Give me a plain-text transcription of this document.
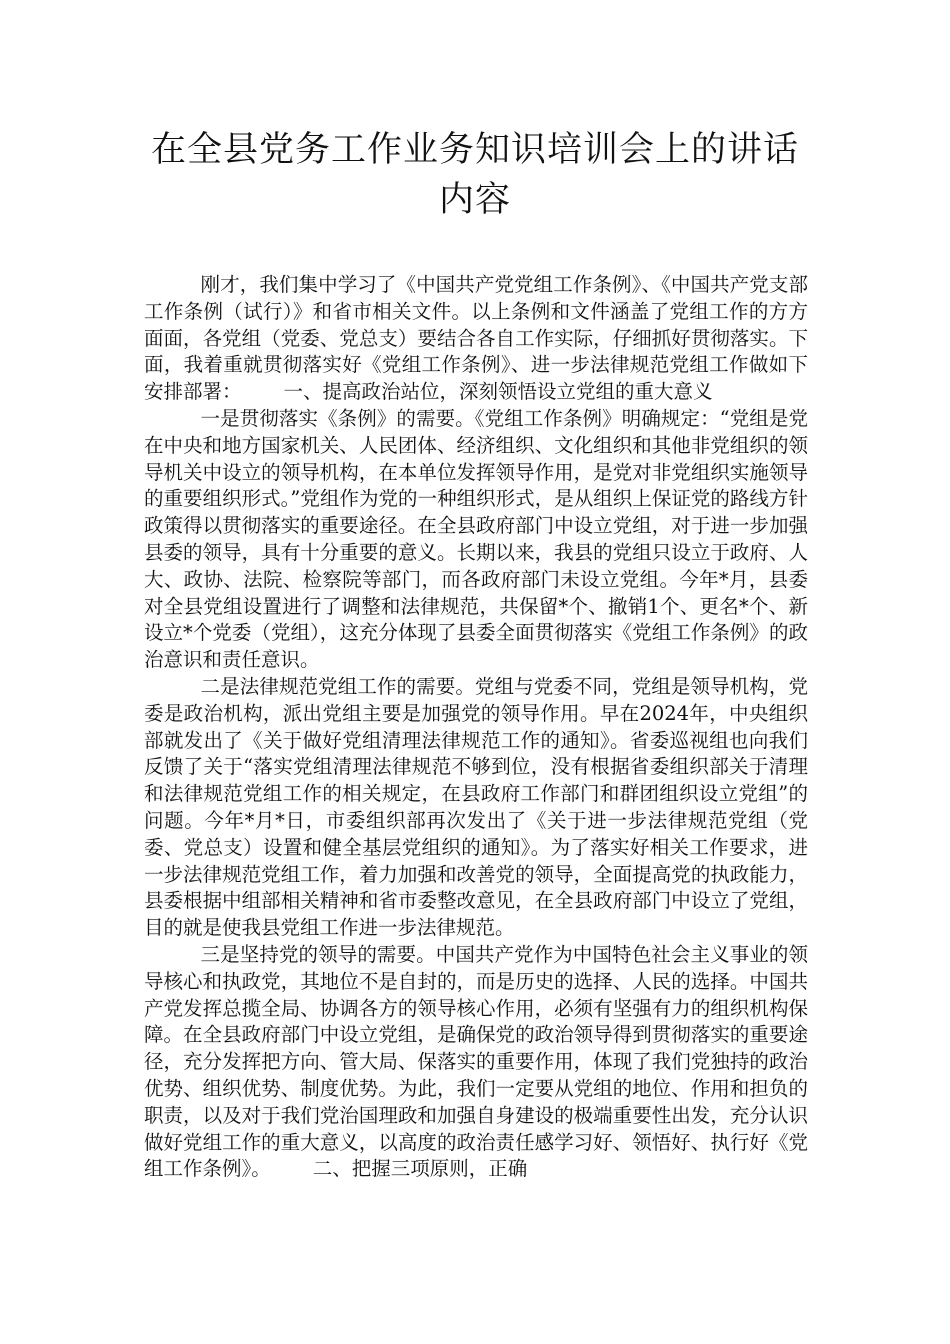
在全县党务工作业务知识培训会上的讲话
内容

刚才，我们集中学习了《中国共产党党组工作条例》、《中国共产党支部工作条例（试行）》和省市相关文件。以上条例和文件涵盖了党组工作的方方面面，各党组（党委、党总支）要结合各自工作实际，仔细抓好贯彻落实。下面，我着重就贯彻落实好《党组工作条例》、进一步法律规范党组工作做如下安排部署： 一、提高政治站位，深刻领悟设立党组的重大意义

一是贯彻落实《条例》的需要。《党组工作条例》明确规定：“党组是党在中央和地方国家机关、人民团体、经济组织、文化组织和其他非党组织的领导机关中设立的领导机构，在本单位发挥领导作用，是党对非党组织实施领导的重要组织形式。”党组作为党的一种组织形式，是从组织上保证党的路线方针政策得以贯彻落实的重要途径。在全县政府部门中设立党组，对于进一步加强县委的领导，具有十分重要的意义。长期以来，我县的党组只设立于政府、人大、政协、法院、检察院等部门，而各政府部门未设立党组。今年*月，县委对全县党组设置进行了调整和法律规范，共保留*个、撤销1个、更名*个、新设立*个党委（党组），这充分体现了县委全面贯彻落实《党组工作条例》的政治意识和责任意识。

二是法律规范党组工作的需要。党组与党委不同，党组是领导机构，党委是政治机构，派出党组主要是加强党的领导作用。早在2024年，中央组织部就发出了《关于做好党组清理法律规范工作的通知》。省委巡视组也向我们反馈了关于“落实党组清理法律规范不够到位，没有根据省委组织部关于清理和法律规范党组工作的相关规定，在县政府工作部门和群团组织设立党组”的问题。今年*月*日，市委组织部再次发出了《关于进一步法律规范党组（党委、党总支）设置和健全基层党组织的通知》。为了落实好相关工作要求，进一步法律规范党组工作，着力加强和改善党的领导，全面提高党的执政能力，县委根据中组部相关精神和省市委整改意见，在全县政府部门中设立了党组，目的就是使我县党组工作进一步法律规范。

三是坚持党的领导的需要。中国共产党作为中国特色社会主义事业的领导核心和执政党，其地位不是自封的，而是历史的选择、人民的选择。中国共产党发挥总揽全局、协调各方的领导核心作用，必须有坚强有力的组织机构保障。在全县政府部门中设立党组，是确保党的政治领导得到贯彻落实的重要途径，充分发挥把方向、管大局、保落实的重要作用，体现了我们党独持的政治优势、组织优势、制度优势。为此，我们一定要从党组的地位、作用和担负的职责，以及对于我们党治国理政和加强自身建设的极端重要性出发，充分认识做好党组工作的重大意义，以高度的政治责任感学习好、领悟好、执行好《党组工作条例》。 二、把握三项原则，正确
